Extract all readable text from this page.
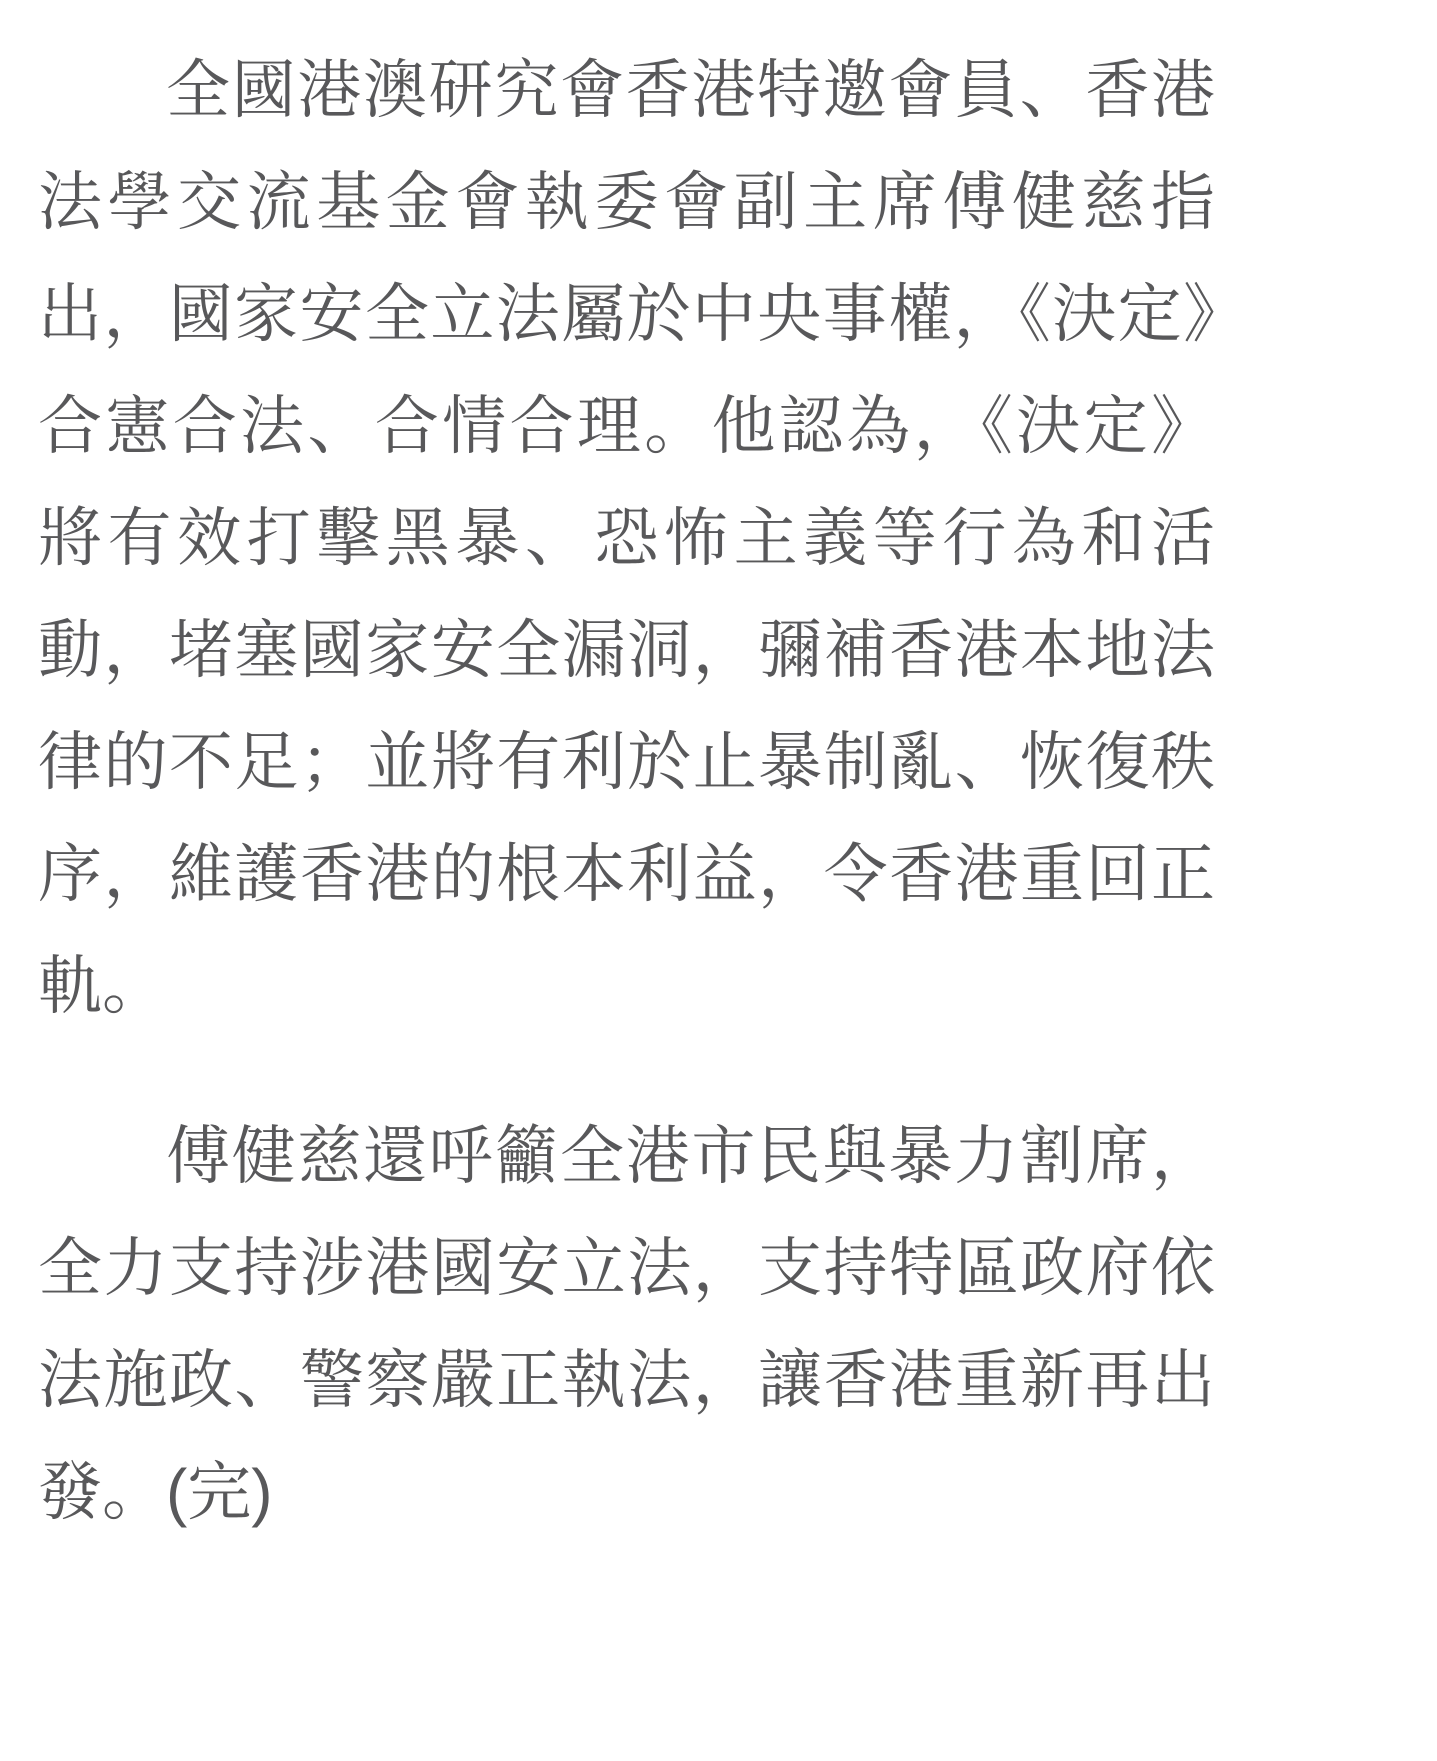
全國港澳研究會香港特邀會員、香港法學交流基金會執委會副主席傅健慈指出，國家安全立法屬於中央事權，《決定》合憲合法、合情合理。他認為，《決定》將有效打擊黑暴、恐怖主義等行為和活動，堵塞國家安全漏洞，彌補香港本地法律的不足；並將有利於止暴制亂、恢復秩序，維護香港的根本利益，令香港重回正軌。

傅健慈還呼籲全港市民與暴力割席，全力支持涉港國安立法，支持特區政府依法施政、警察嚴正執法，讓香港重新再出發。(完)
